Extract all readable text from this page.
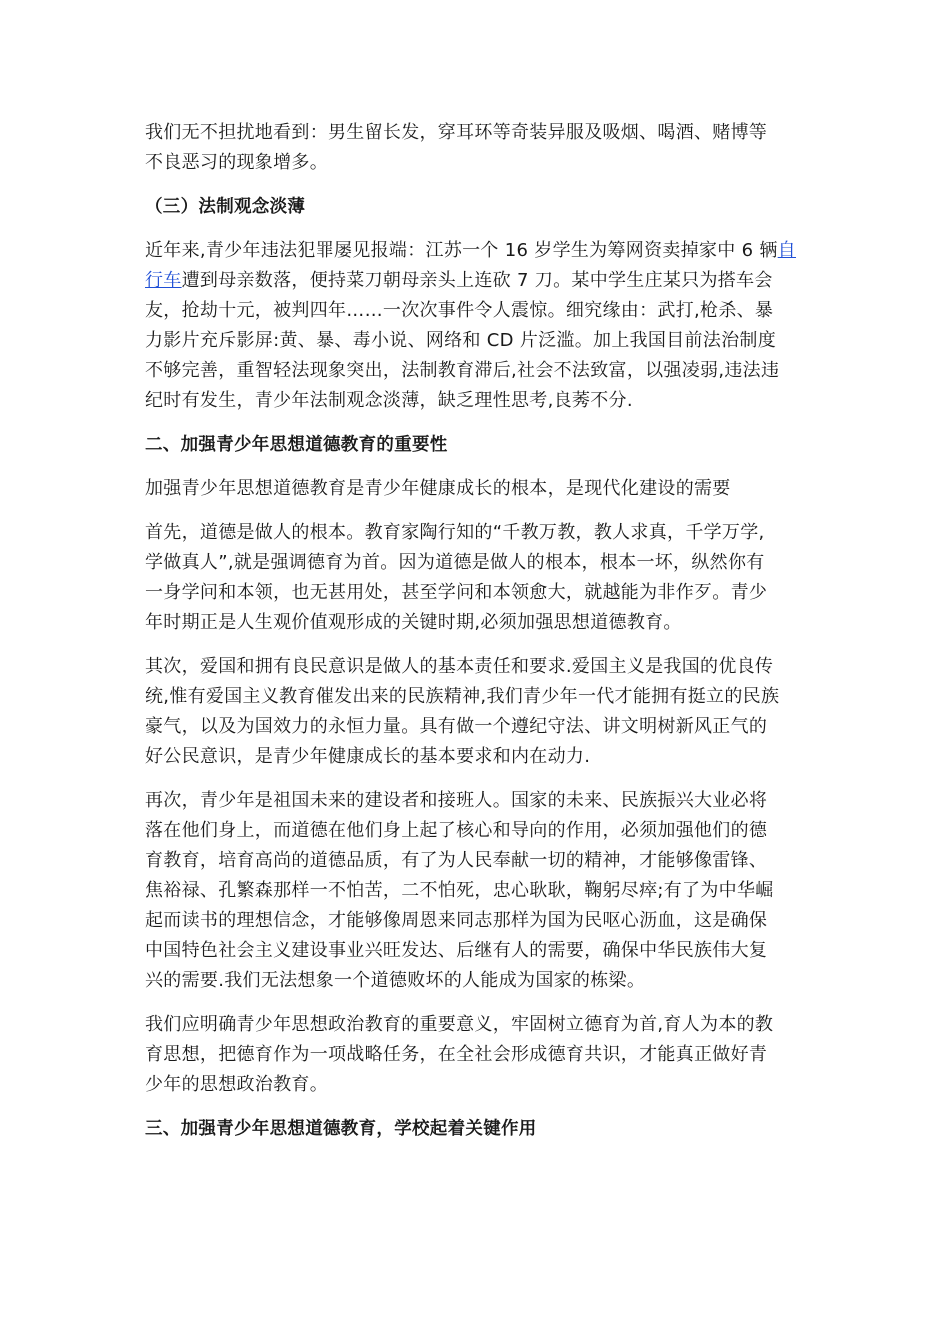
我们无不担扰地看到：男生留长发，穿耳环等奇装异服及吸烟、喝酒、赌博等
不良恶习的现象增多。
（三）法制观念淡薄
近年来,青少年违法犯罪屡见报端：江苏一个 16 岁学生为筹网资卖掉家中 6 辆自
行车遭到母亲数落，便持菜刀朝母亲头上连砍 7 刀。某中学生庄某只为搭车会
友，抢劫十元，被判四年……一次次事件令人震惊。细究缘由：武打,枪杀、暴
力影片充斥影屏:黄、暴、毒小说、网络和 CD 片泛滥。加上我国目前法治制度
不够完善，重智轻法现象突出，法制教育滞后,社会不法致富，以强凌弱,违法违
纪时有发生，青少年法制观念淡薄，缺乏理性思考,良莠不分.
二、加强青少年思想道德教育的重要性
加强青少年思想道德教育是青少年健康成长的根本，是现代化建设的需要
首先，道德是做人的根本。教育家陶行知的“千教万教，教人求真，千学万学,
学做真人”,就是强调德育为首。因为道德是做人的根本，根本一坏，纵然你有
一身学问和本领，也无甚用处，甚至学问和本领愈大，就越能为非作歹。青少
年时期正是人生观价值观形成的关键时期,必须加强思想道德教育。
其次，爱国和拥有良民意识是做人的基本责任和要求.爱国主义是我国的优良传
统,惟有爱国主义教育催发出来的民族精神,我们青少年一代才能拥有挺立的民族
豪气，以及为国效力的永恒力量。具有做一个遵纪守法、讲文明树新风正气的
好公民意识，是青少年健康成长的基本要求和内在动力.
再次，青少年是祖国未来的建设者和接班人。国家的未来、民族振兴大业必将
落在他们身上，而道德在他们身上起了核心和导向的作用，必须加强他们的德
育教育，培育高尚的道德品质，有了为人民奉献一切的精神，才能够像雷锋、
焦裕禄、孔繁森那样一不怕苦，二不怕死，忠心耿耿，鞠躬尽瘁;有了为中华崛
起而读书的理想信念，才能够像周恩来同志那样为国为民呕心沥血，这是确保
中国特色社会主义建设事业兴旺发达、后继有人的需要，确保中华民族伟大复
兴的需要.我们无法想象一个道德败坏的人能成为国家的栋梁。
我们应明确青少年思想政治教育的重要意义，牢固树立德育为首,育人为本的教
育思想，把德育作为一项战略任务，在全社会形成德育共识，才能真正做好青
少年的思想政治教育。
三、加强青少年思想道德教育，学校起着关键作用
